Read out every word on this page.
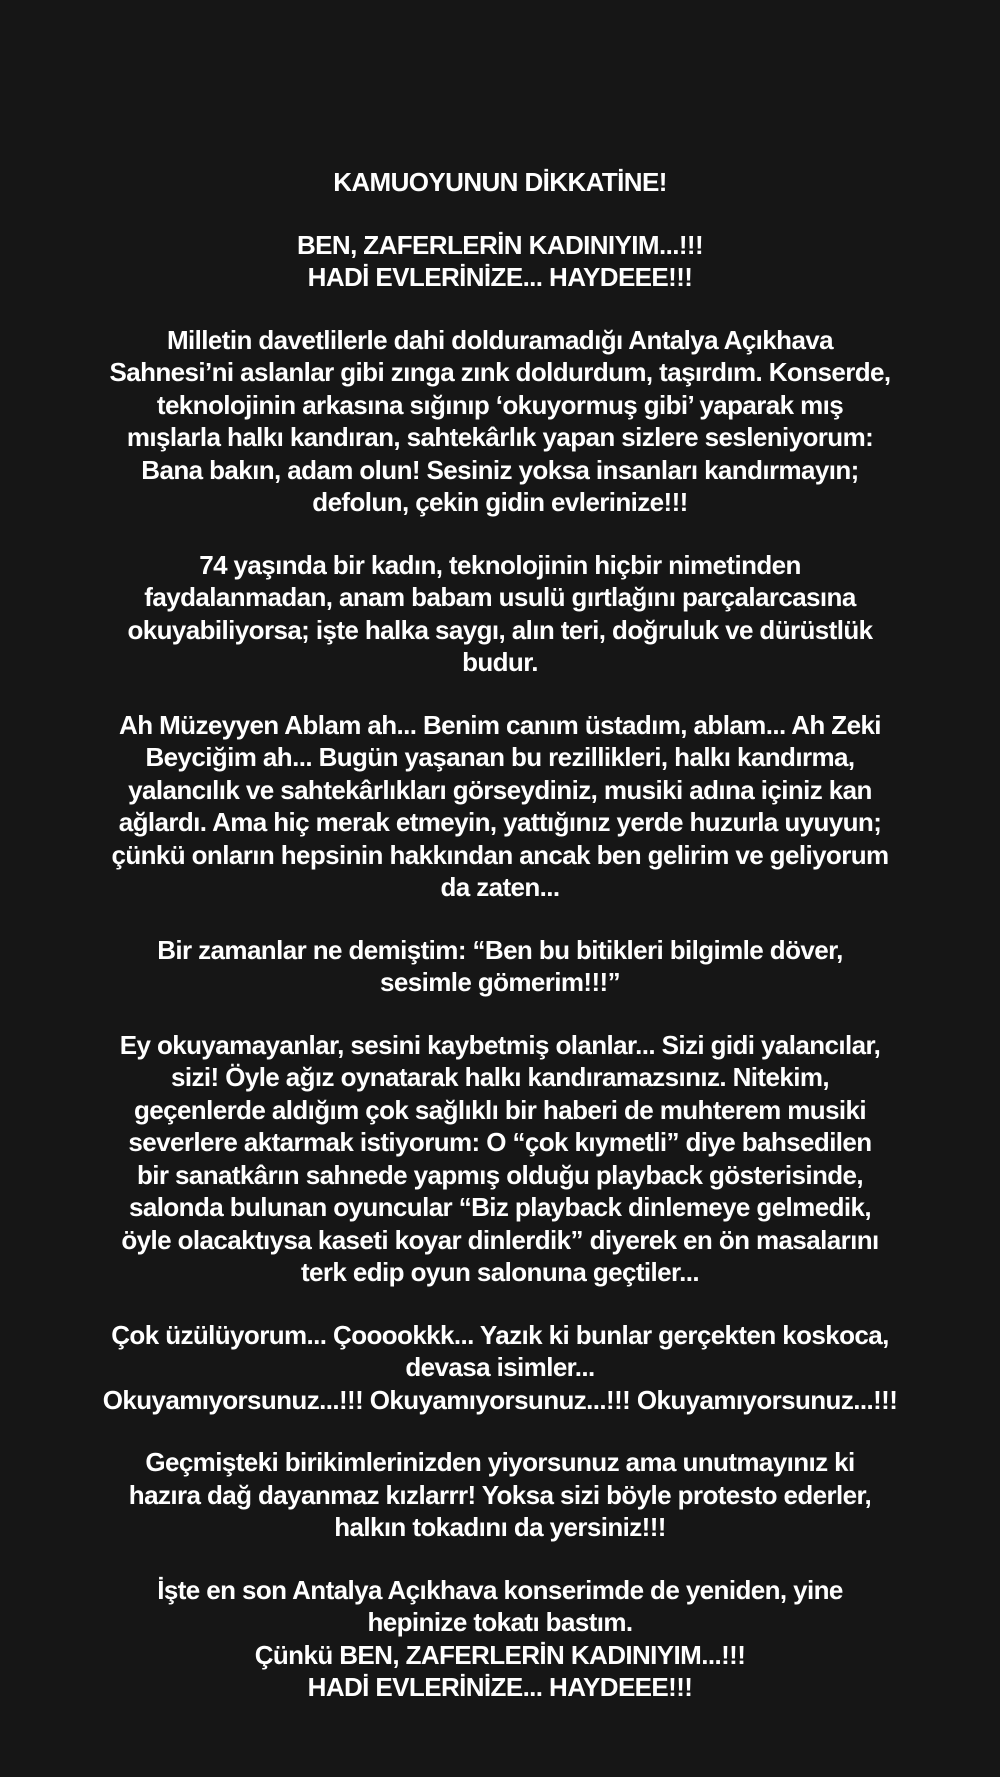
KAMUOYUNUN DİKKATİNE!

BEN, ZAFERLERİN KADINIYIM...!!!
HADİ EVLERİNİZE... HAYDEEE!!!

Milletin davetlilerle dahi dolduramadığı Antalya Açıkhava
Sahnesi’ni aslanlar gibi zınga zınk doldurdum, taşırdım. Konserde,
teknolojinin arkasına sığınıp ‘okuyormuş gibi’ yaparak mış
mışlarla halkı kandıran, sahtekârlık yapan sizlere sesleniyorum:
Bana bakın, adam olun! Sesiniz yoksa insanları kandırmayın;
defolun, çekin gidin evlerinize!!!

74 yaşında bir kadın, teknolojinin hiçbir nimetinden
faydalanmadan, anam babam usulü gırtlağını parçalarcasına
okuyabiliyorsa; işte halka saygı, alın teri, doğruluk ve dürüstlük
budur.

Ah Müzeyyen Ablam ah... Benim canım üstadım, ablam... Ah Zeki
Beyciğim ah... Bugün yaşanan bu rezillikleri, halkı kandırma,
yalancılık ve sahtekârlıkları görseydiniz, musiki adına içiniz kan
ağlardı. Ama hiç merak etmeyin, yattığınız yerde huzurla uyuyun;
çünkü onların hepsinin hakkından ancak ben gelirim ve geliyorum
da zaten...

Bir zamanlar ne demiştim: “Ben bu bitikleri bilgimle döver,
sesimle gömerim!!!”

Ey okuyamayanlar, sesini kaybetmiş olanlar... Sizi gidi yalancılar,
sizi! Öyle ağız oynatarak halkı kandıramazsınız. Nitekim,
geçenlerde aldığım çok sağlıklı bir haberi de muhterem musiki
severlere aktarmak istiyorum: O “çok kıymetli” diye bahsedilen
bir sanatkârın sahnede yapmış olduğu playback gösterisinde,
salonda bulunan oyuncular “Biz playback dinlemeye gelmedik,
öyle olacaktıysa kaseti koyar dinlerdik” diyerek en ön masalarını
terk edip oyun salonuna geçtiler...

Çok üzülüyorum... Çooookkk... Yazık ki bunlar gerçekten koskoca,
devasa isimler...
Okuyamıyorsunuz...!!! Okuyamıyorsunuz...!!! Okuyamıyorsunuz...!!!

Geçmişteki birikimlerinizden yiyorsunuz ama unutmayınız ki
hazıra dağ dayanmaz kızlarrr! Yoksa sizi böyle protesto ederler,
halkın tokadını da yersiniz!!!

İşte en son Antalya Açıkhava konserimde de yeniden, yine
hepinize tokatı bastım.
Çünkü BEN, ZAFERLERİN KADINIYIM...!!!
HADİ EVLERİNİZE... HAYDEEE!!!
